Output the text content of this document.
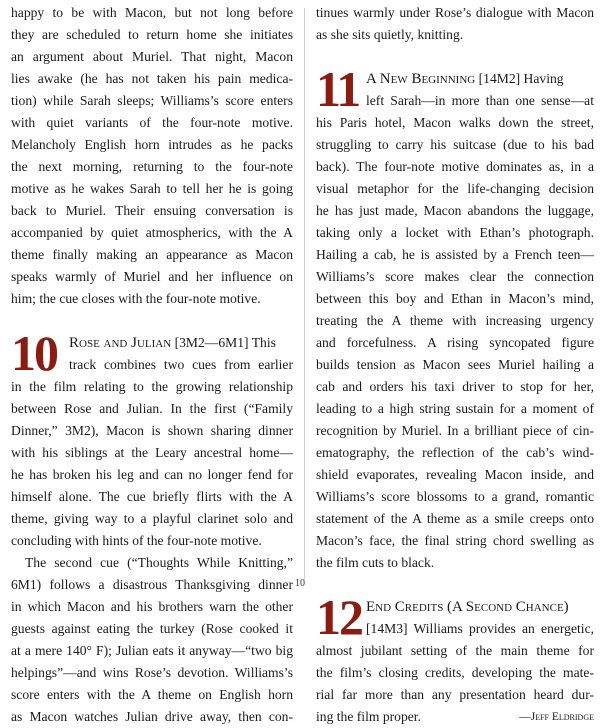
happy to be with Macon, but not long before
they are scheduled to return home she initiates
an argument about Muriel. That night, Macon
lies awake (he has not taken his pain medica-
tion) while Sarah sleeps; Williams’s score enters
with quiet variants of the four-note motive.
Melancholy English horn intrudes as he packs
the next morning, returning to the four-note
motive as he wakes Sarah to tell her he is going
back to Muriel. Their ensuing conversation is
accompanied by quiet atmospherics, with the A
theme finally making an appearance as Macon
speaks warmly of Muriel and her influence on
him; the cue closes with the four-note motive.
10 Rose and Julian [3M2—6M1] This
track combines two cues from earlier
in the film relating to the growing relationship
between Rose and Julian. In the first (“Family
Dinner,” 3M2), Macon is shown sharing dinner
with his siblings at the Leary ancestral home—
he has broken his leg and can no longer fend for
himself alone. The cue briefly flirts with the A
theme, giving way to a playful clarinet solo and
concluding with hints of the four-note motive.
The second cue (“Thoughts While Knitting,”
6M1) follows a disastrous Thanksgiving dinner
in which Macon and his brothers warn the other
guests against eating the turkey (Rose cooked it
at a mere 140° F); Julian eats it anyway—“two big
helpings”—and wins Rose’s devotion. Williams’s
score enters with the A theme on English horn
as Macon watches Julian drive away, then con-
tinues warmly under Rose’s dialogue with Macon
as she sits quietly, knitting.
11 A New Beginning [14M2] Having
left Sarah—in more than one sense—at
his Paris hotel, Macon walks down the street,
struggling to carry his suitcase (due to his bad
back). The four-note motive dominates as, in a
visual metaphor for the life-changing decision
he has just made, Macon abandons the luggage,
taking only a locket with Ethan’s photograph.
Hailing a cab, he is assisted by a French teen—
Williams’s score makes clear the connection
between this boy and Ethan in Macon’s mind,
treating the A theme with increasing urgency
and forcefulness. A rising syncopated figure
builds tension as Macon sees Muriel hailing a
cab and orders his taxi driver to stop for her,
leading to a high string sustain for a moment of
recognition by Muriel. In a brilliant piece of cin-
ematography, the reflection of the cab’s wind-
shield evaporates, revealing Macon inside, and
Williams’s score blossoms to a grand, romantic
statement of the A theme as a smile creeps onto
Macon’s face, the final string chord swelling as
the film cuts to black.
12 End Credits (A Second Chance)
[14M3] Williams provides an energetic,
almost jubilant setting of the main theme for
the film’s closing credits, developing the mate-
rial far more than any presentation heard dur-
ing the film proper.	—Jeff Eldridge
10
